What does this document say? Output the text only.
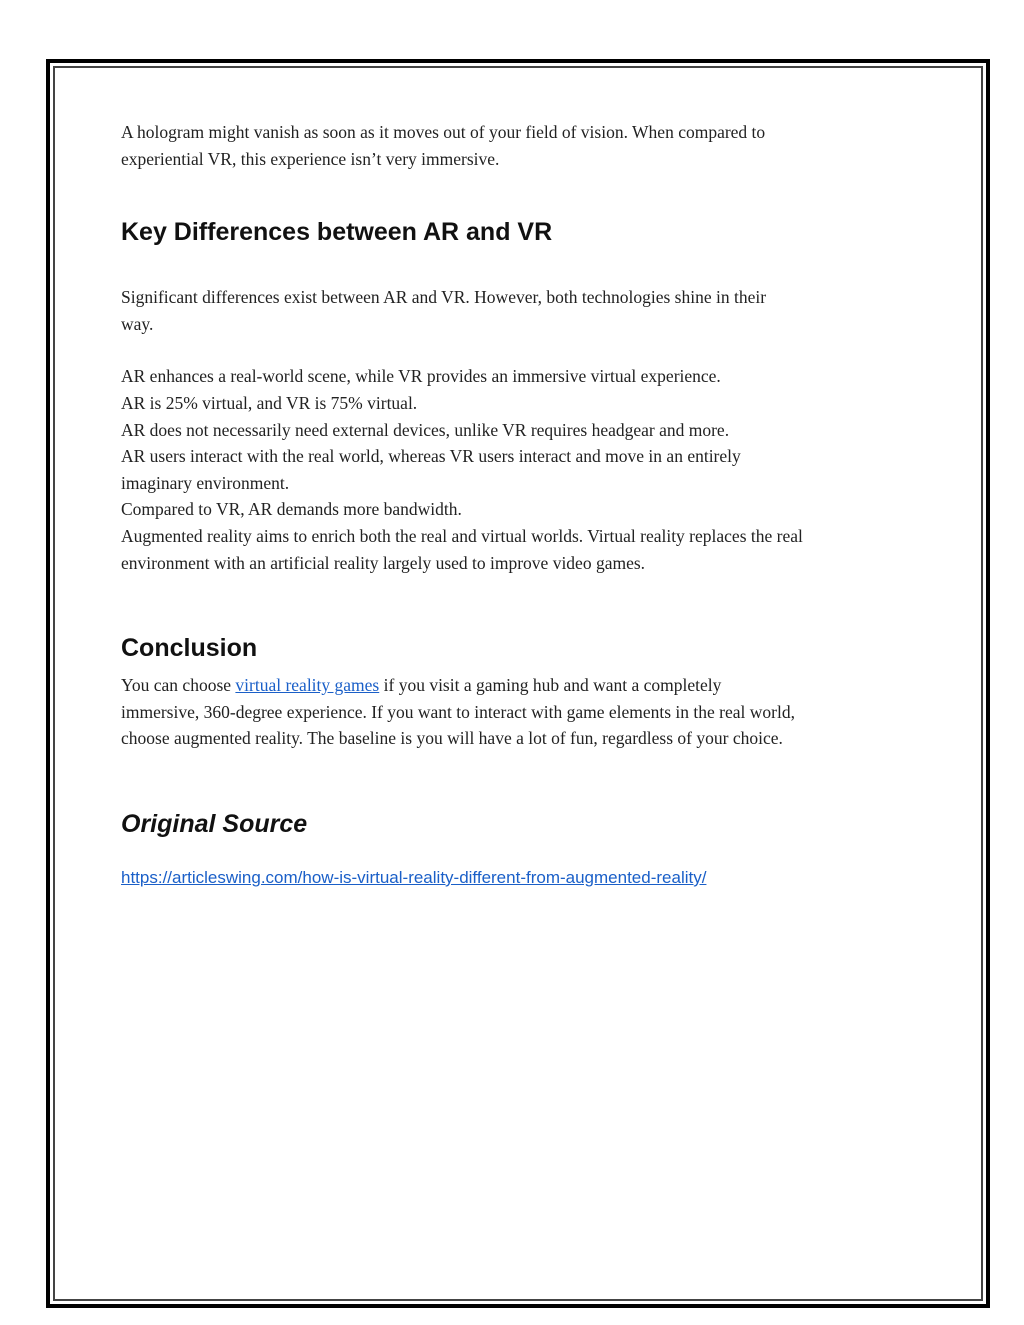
A hologram might vanish as soon as it moves out of your field of vision. When compared to
experiential VR, this experience isn’t very immersive.

Key Differences between AR and VR

Significant differences exist between AR and VR. However, both technologies shine in their
way.

AR enhances a real-world scene, while VR provides an immersive virtual experience.
AR is 25% virtual, and VR is 75% virtual.
AR does not necessarily need external devices, unlike VR requires headgear and more.
AR users interact with the real world, whereas VR users interact and move in an entirely
imaginary environment.
Compared to VR, AR demands more bandwidth.
Augmented reality aims to enrich both the real and virtual worlds. Virtual reality replaces the real
environment with an artificial reality largely used to improve video games.

Conclusion

You can choose virtual reality games if you visit a gaming hub and want a completely
immersive, 360-degree experience. If you want to interact with game elements in the real world,
choose augmented reality. The baseline is you will have a lot of fun, regardless of your choice.

Original Source

https://articleswing.com/how-is-virtual-reality-different-from-augmented-reality/
